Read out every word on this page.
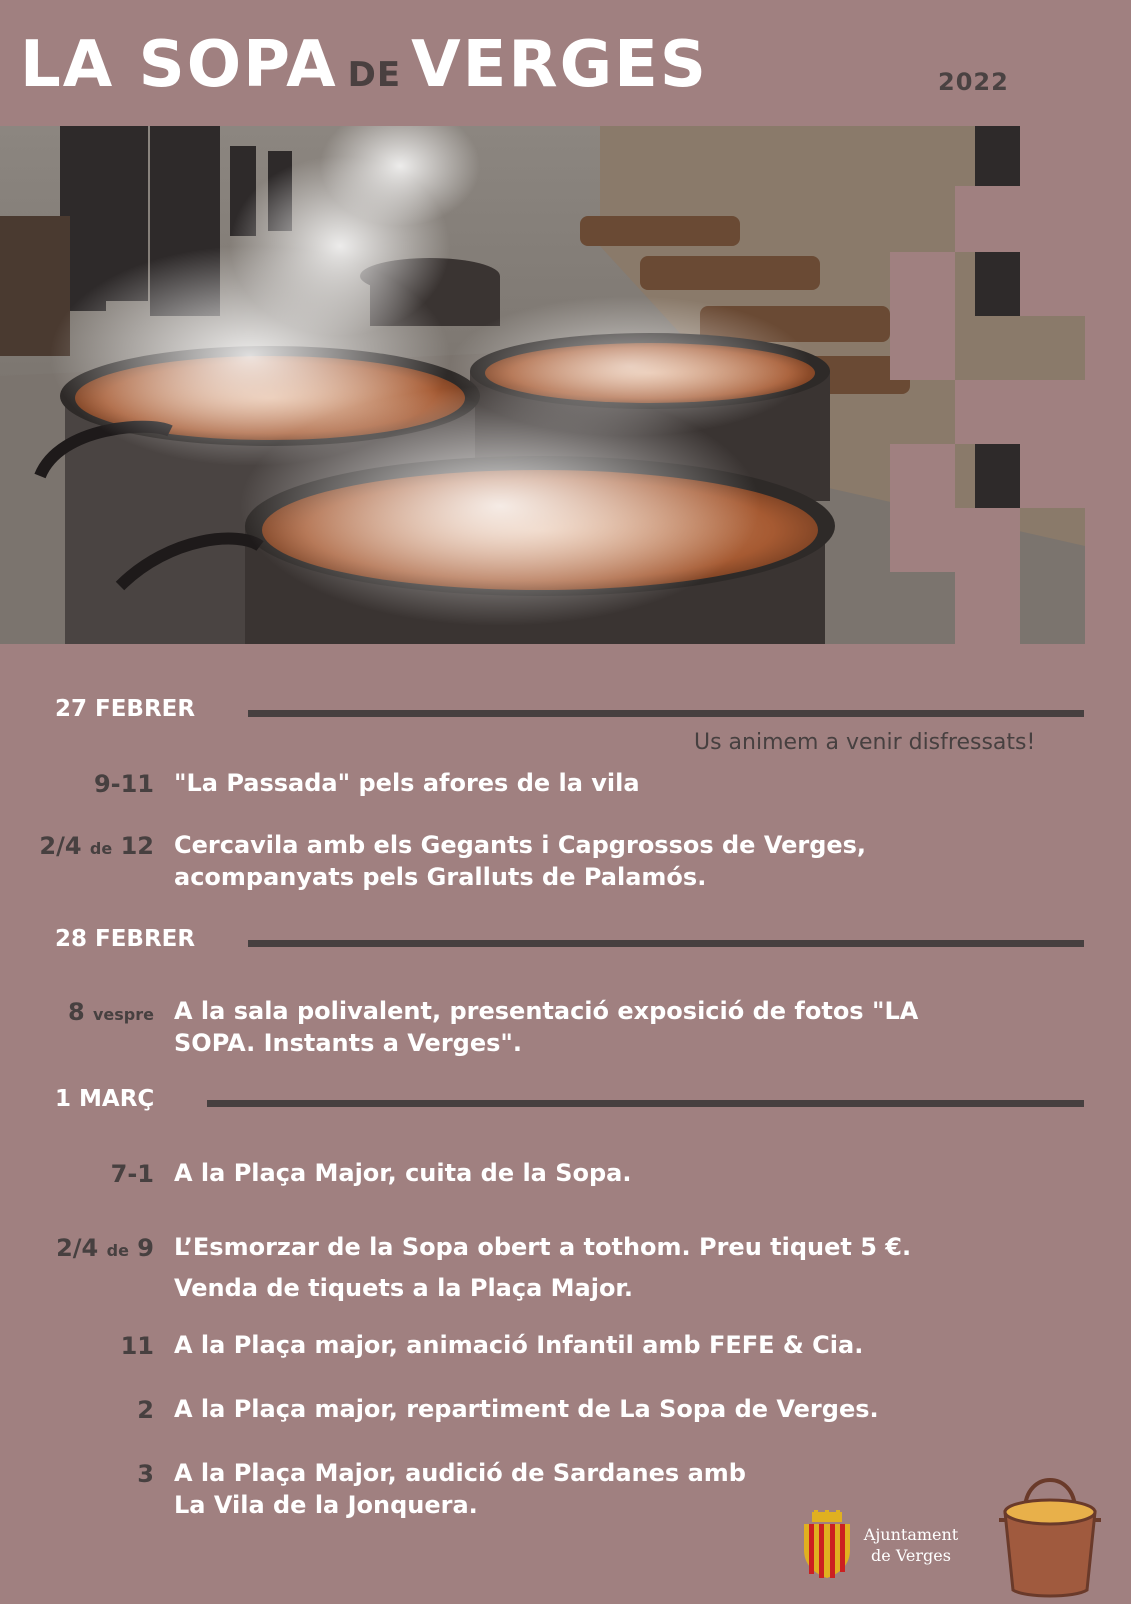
LA SOPA DE VERGES	2022
27 FEBRER
Us animem a venir disfressats!
9-11 "La Passada" pels afores de la vila
2/4 de 12 Cercavila amb els Gegants i Capgrossos de Verges, acompanyats pels Gralluts de Palamós.
28 FEBRER
8 vespre A la sala polivalent, presentació exposició de fotos "LA SOPA. Instants a Verges".
1 MARÇ
7-1 A la Plaça Major, cuita de la Sopa.
2/4 de 9 L’Esmorzar de la Sopa obert a tothom. Preu tiquet 5 €.
Venda de tiquets a la Plaça Major.
11 A la Plaça major, animació Infantil amb FEFE & Cia.
2 A la Plaça major, repartiment de La Sopa de Verges.
3 A la Plaça Major, audició de Sardanes amb La Vila de la Jonquera.
Ajuntament
de Verges
